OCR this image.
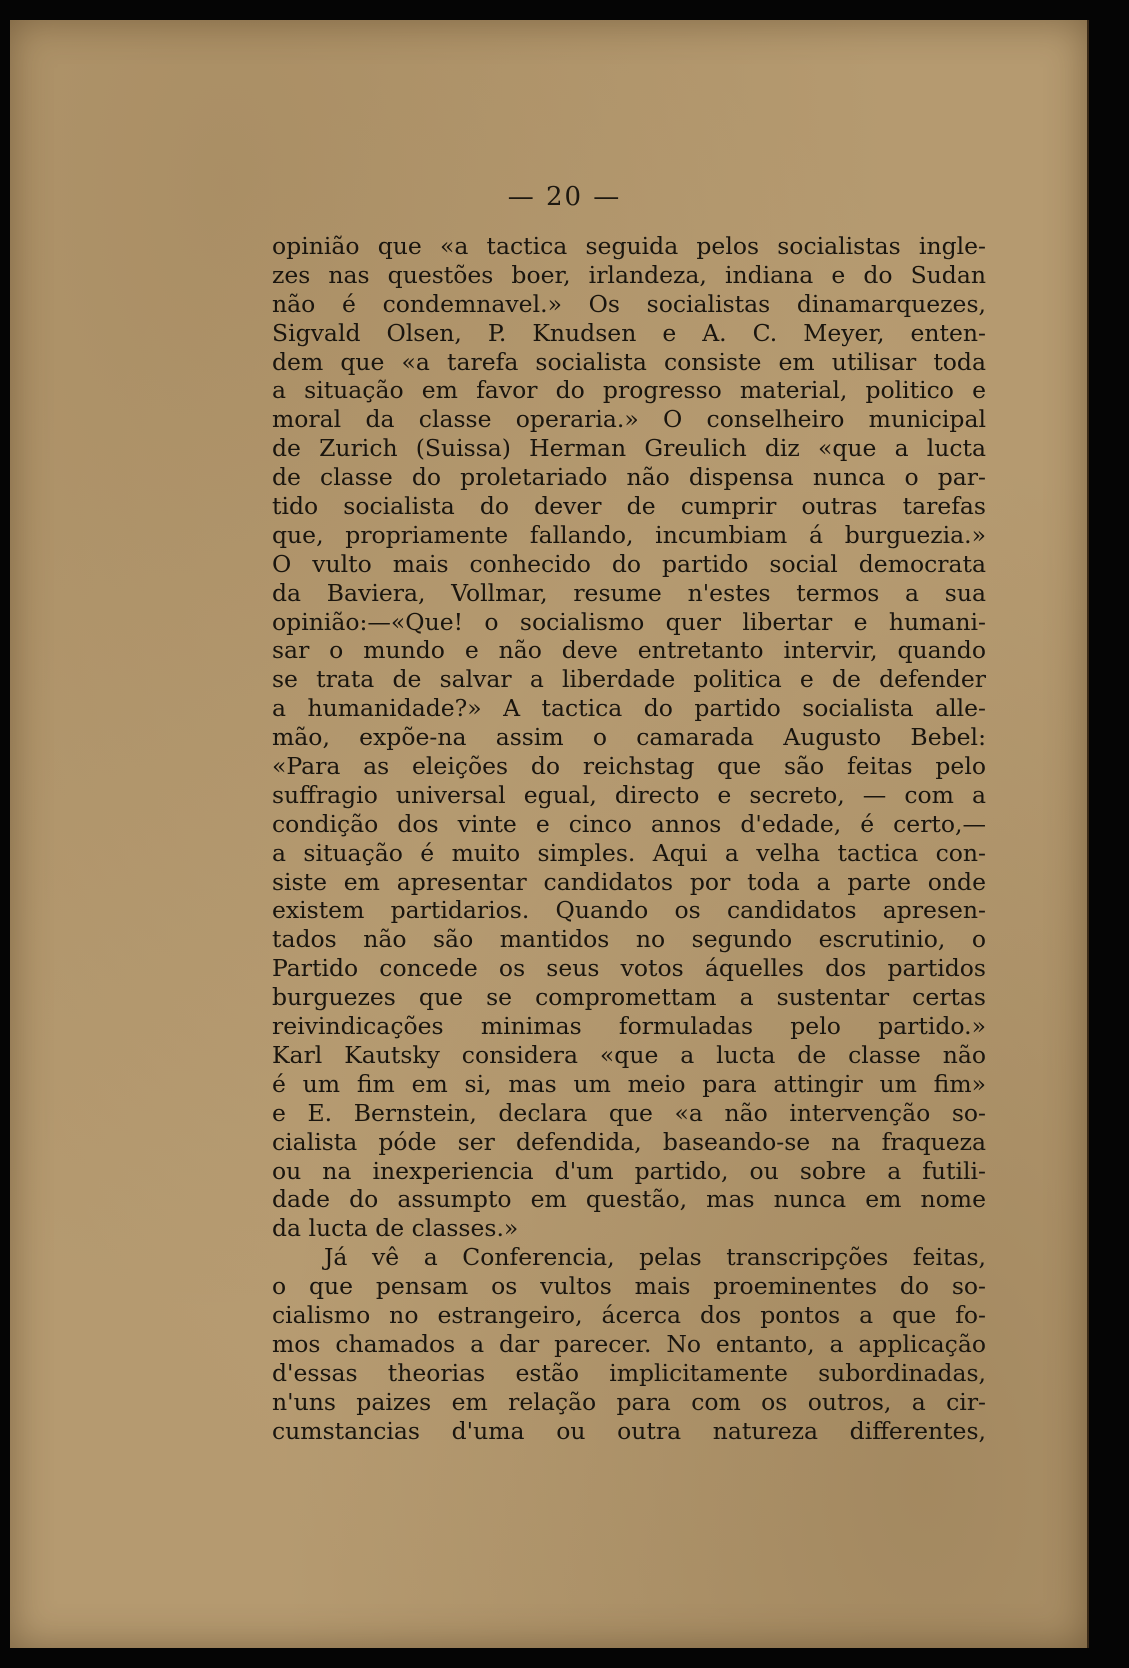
— 20 —
opinião que «a tactica seguida pelos socialistas ingle-
zes nas questões boer, irlandeza, indiana e do Sudan
não é condemnavel.» Os socialistas dinamarquezes,
Sigvald Olsen, P. Knudsen e A. C. Meyer, enten-
dem que «a tarefa socialista consiste em utilisar toda
a situação em favor do progresso material, politico e
moral da classe operaria.» O conselheiro municipal
de Zurich (Suissa) Herman Greulich diz «que a lucta
de classe do proletariado não dispensa nunca o par-
tido socialista do dever de cumprir outras tarefas
que, propriamente fallando, incumbiam á burguezia.»
O vulto mais conhecido do partido social democrata
da Baviera, Vollmar, resume n'estes termos a sua
opinião:—«Que! o socialismo quer libertar e humani-
sar o mundo e não deve entretanto intervir, quando
se trata de salvar a liberdade politica e de defender
a humanidade?» A tactica do partido socialista alle-
mão, expõe-na assim o camarada Augusto Bebel:
«Para as eleições do reichstag que são feitas pelo
suffragio universal egual, directo e secreto, — com a
condição dos vinte e cinco annos d'edade, é certo,—
a situação é muito simples. Aqui a velha tactica con-
siste em apresentar candidatos por toda a parte onde
existem partidarios. Quando os candidatos apresen-
tados não são mantidos no segundo escrutinio, o
Partido concede os seus votos áquelles dos partidos
burguezes que se compromettam a sustentar certas
reivindicações minimas formuladas pelo partido.»
Karl Kautsky considera «que a lucta de classe não
é um fim em si, mas um meio para attingir um fim»
e E. Bernstein, declara que «a não intervenção so-
cialista póde ser defendida, baseando-se na fraqueza
ou na inexperiencia d'um partido, ou sobre a futili-
dade do assumpto em questão, mas nunca em nome
da lucta de classes.»
Já vê a Conferencia, pelas transcripções feitas,
o que pensam os vultos mais proeminentes do so-
cialismo no estrangeiro, ácerca dos pontos a que fo-
mos chamados a dar parecer. No entanto, a applicação
d'essas theorias estão implicitamente subordinadas,
n'uns paizes em relação para com os outros, a cir-
cumstancias d'uma ou outra natureza differentes,
